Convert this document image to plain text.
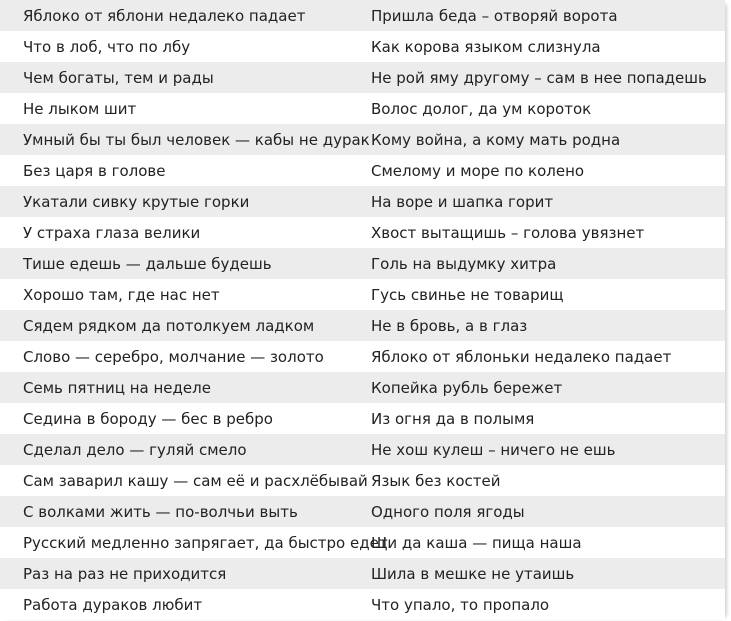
Яблоко от яблони недалеко падает	Пришла беда – отворяй ворота
Что в лоб, что по лбу	Как корова языком слизнула
Чем богаты, тем и рады	Не рой яму другому – сам в нее попадешь
Не лыком шит	Волос долог, да ум короток
Умный бы ты был человек — кабы не дурак	Кому война, а кому мать родна
Без царя в голове	Смелому и море по колено
Укатали сивку крутые горки	На воре и шапка горит
У страха глаза велики	Хвост вытащишь – голова увязнет
Тише едешь — дальше будешь	Голь на выдумку хитра
Хорошо там, где нас нет	Гусь свинье не товарищ
Сядем рядком да потолкуем ладком	Не в бровь, а в глаз
Слово — серебро, молчание — золото	Яблоко от яблоньки недалеко падает
Семь пятниц на неделе	Копейка рубль бережет
Седина в бороду — бес в ребро	Из огня да в полымя
Сделал дело — гуляй смело	Не хош кулеш – ничего не ешь
Сам заварил кашу — сам её и расхлёбывай	Язык без костей
С волками жить — по-волчьи выть	Одного поля ягоды
Русский медленно запрягает, да быстро едет	Щи да каша — пища наша
Раз на раз не приходится	Шила в мешке не утаишь
Работа дураков любит	Что упало, то пропало
